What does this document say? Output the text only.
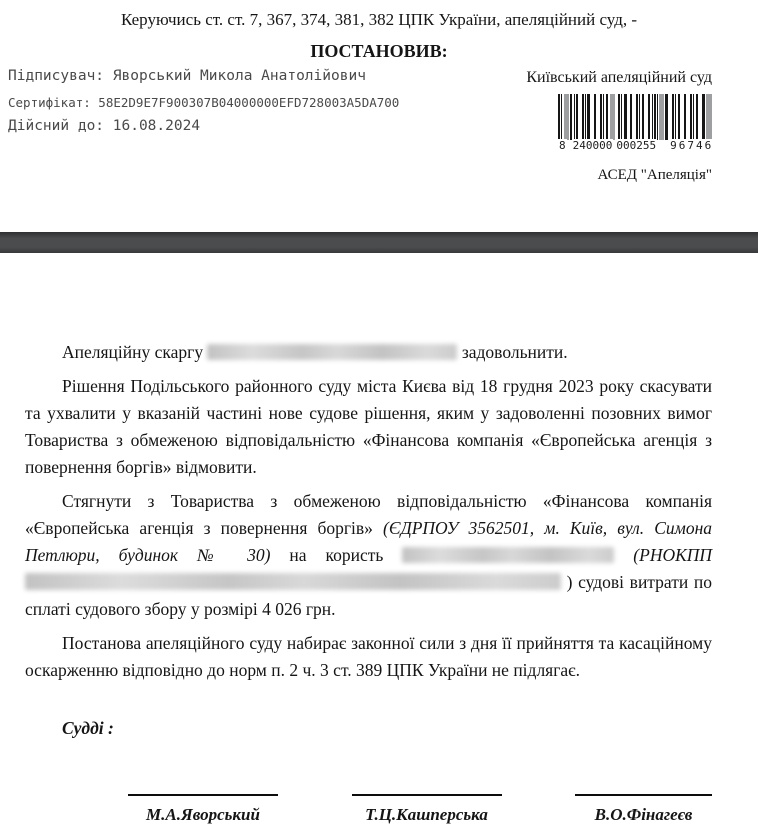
Керуючись ст. ст. 7, 367, 374, 381, 382 ЦПК України, апеляційний суд, -

ПОСТАНОВИВ:

Підписувач: Яворський Микола Анатолійович
Сертифікат: 58E2D9E7F900307B04000000EFD728003A5DA700
Дійсний до: 16.08.2024
Київський апеляційний суд
8 240000 000255 96746
АСЕД "Апеляція"

Апеляційну скаргу	задовольнити.

Рішення Подільського районного суду міста Києва від 18 грудня 2023 року скасувати та ухвалити у вказаній частині нове судове рішення, яким у задоволенні позовних вимог Товариства з обмеженою відповідальністю «Фінансова компанія «Європейська агенція з повернення боргів» відмовити.

Стягнути з Товариства з обмеженою відповідальністю «Фінансова компанія «Європейська агенція з повернення боргів» (ЄДРПОУ 3562501, м. Київ, вул. Симона Петлюри, будинок № 30) на користь	(РНОКПП  ) судові витрати по сплаті судового збору у розмірі 4 026 грн.

Постанова апеляційного суду набирає законної сили з дня її прийняття та касаційному оскарженню відповідно до норм п. 2 ч. 3 ст. 389 ЦПК України не підлягає.

Судді :

М.А.Яворський	Т.Ц.Кашперська	В.О.Фінагеєв
